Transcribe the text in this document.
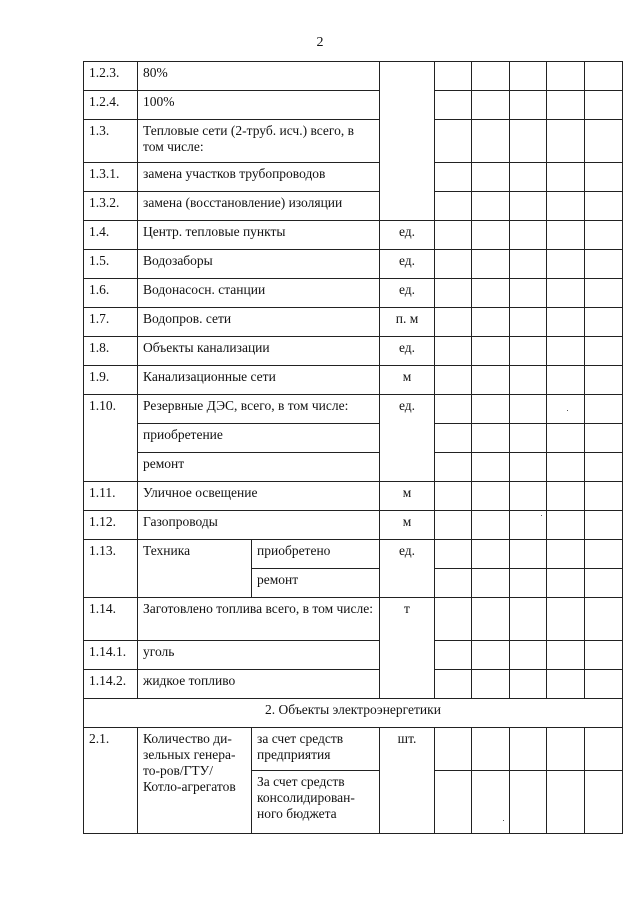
2
1.2.3.	80%							
1.2.4.	100%							
1.3.	Тепловые сети (2-труб. исч.) всего, в том числе:							
1.3.1.	замена участков трубопроводов							
1.3.2.	замена (восстановление) изоляции							
1.4.	Центр. тепловые пункты		ед.					
1.5.	Водозаборы		ед.					
1.6.	Водонасосн. станции		ед.					
1.7.	Водопров. сети		п. м					
1.8.	Объекты канализации		ед.					
1.9.	Канализационные сети		м					
1.10.	Резервные ДЭС, всего, в том числе:		ед.					
	приобретение							
	ремонт							
1.11.	Уличное освещение		м					
1.12.	Газопроводы		м					
1.13.	Техника	приобретено	ед.					
		ремонт						
1.14.	Заготовлено топлива всего, в том числе:		т					
1.14.1.	уголь							
1.14.2.	жидкое топливо							
2. Объекты электроэнергетики								
2.1.	Количество ди-зельных генера-то-ров/ГТУ/Котло-агрегатов	за счет средств предприятия	шт.					
		За счет средств консолидирован-ного бюджета						
